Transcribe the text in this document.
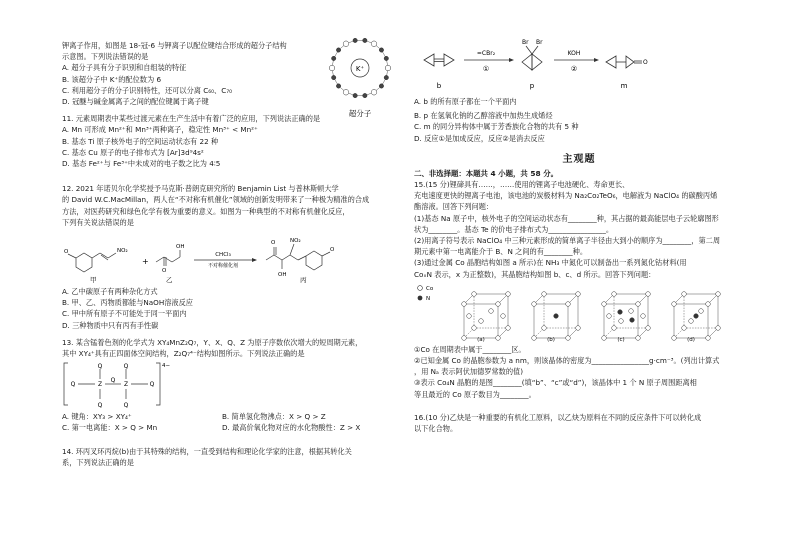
钾离子作用，如图是 18-冠-6 与钾离子以配位键结合形成的超分子结构
示意图。下列说法错误的是
A. 超分子具有分子识别和自组装的特征
B. 该超分子中 K⁺的配位数为 6
C. 利用超分子的分子识别特性，还可以分离 C₆₀、C₇₀
D. 冠醚与碱金属离子之间的配位键属于离子键
K⁺
超分子
11. 元素周期表中某些过渡元素在生产生活中有着广泛的应用，下列说法正确的是
A. Mn 可形成 Mn²⁺和 Mn³⁺两种离子，稳定性 Mn³⁺ < Mn²⁺
B. 基态 Ti 原子核外电子的空间运动状态有 22 种
C. 基态 Cu 原子的电子排布式为 [Ar]3d⁹4s²
D. 基态 Fe²⁺与 Fe³⁺中未成对的电子数之比为 4∶5
12. 2021 年诺贝尔化学奖授予马克斯·普朗克研究所的 Benjamin List 与普林斯顿大学
的 David W.C.MacMillan，两人在“不对称有机催化”领域的创新发明带来了一种极为精准的合成
方法，对医药研究和绿色化学有极为重要的意义。如图为一种典型的不对称有机催化反应，
下列有关说法错误的是
NO₂
O
甲
+
O
OH
乙
CHCl₃
不对称催化剂
O
OH
NO₂
O
丙
A. 乙中碳原子有两种杂化方式
B. 甲、乙、丙物质都能与NaOH溶液反应
C. 甲中所有原子不可能处于同一平面内
D. 三种物质中只有丙有手性碳
13. 某含锰着色剂的化学式为 XY₄MnZ₂Q₇，Y、X、Q、Z 为原子序数依次增大的短周期元素，
其中 XY₄⁺具有正四面体空间结构，Z₂Q₇⁴⁻结构如图所示。下列说法正确的是
Q
Q
Q
Q
Q	Z
Q
Z	Q
4−
A. 键角：XY₃ > XY₄⁺	B. 简单氢化物沸点：X > Q > Z
C. 第一电离能：X > Q > Mn	D. 最高价氧化物对应的水化物酸性：Z > X
14. 环丙叉环丙烷(b)由于其特殊的结构，一直受到结构和理论化学家的注意，根据其转化关
系，下列说法正确的是
=CBr₂
①
KOH
②
Br Br
O
b	p	m
A. b 的所有原子都在一个平面内
B. p 在氢氧化钠的乙醇溶液中加热生成烯烃
C. m 的同分异构体中属于芳香族化合物的共有 5 种
D. 反应①是加成反应，反应②是消去反应
主观题
二、非选择题：本题共 4 小题，共 58 分。
15.(15 分)锂碲具有……，……使用的锂离子电池硬化、寿命更长、
充电速度更快的锂离子电池，该电池的炭极材料为 Na₂Co₂TeO₆，电解液为 NaClO₄ 的碳酸丙烯
酯溶液。回答下列问题：
(1)基态 Na 原子中，核外电子的空间运动状态有________种，其占据的最高能层电子云轮廓图形
状为________。基态 Te 的价电子排布式为________________。
(2)用离子符号表示 NaClO₄ 中三种元素形成的简单离子半径由大到小的顺序为________，第二周
期元素中第一电离能介于 B、N 之间的有________种。
(3)通过金属 Co 晶胞结构如图 a 所示)在 NH₃ 中氮化可以制备出一系列氮化钴材料(用
CoₓN 表示，x 为正整数)，其晶胞结构如图 b、c、d 所示。回答下列问题：
Co
N
(a)	(b)	(c)	(d)
①Co 在周期表中属于________区。
②已知金属 Co 的晶胞参数为 a nm，则该晶体的密度为________________g·cm⁻³。(列出计算式
，用 Nₐ 表示阿伏加德罗常数的值)
③表示 Co₄N 晶胞的是图________(填“b”、“c”或“d”)，该晶体中 1 个 N 原子周围距离相
等且最近的 Co 原子数目为________。
16.(10 分)乙炔是一种重要的有机化工原料，以乙炔为原料在不同的反应条件下可以转化成
以下化合物。
